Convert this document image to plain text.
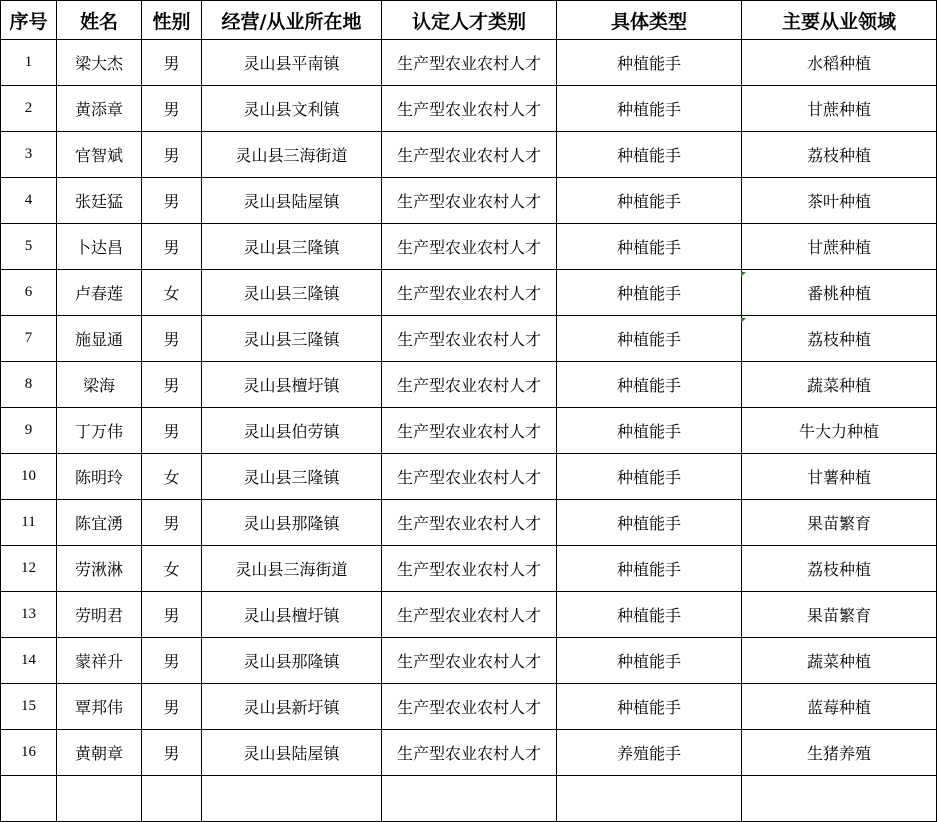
序号	姓名	性别	经营/从业所在地	认定人才类别	具体类型	主要从业领域
1	梁大杰	男	灵山县平南镇	生产型农业农村人才	种植能手	水稻种植
2	黄添章	男	灵山县文利镇	生产型农业农村人才	种植能手	甘蔗种植
3	官智斌	男	灵山县三海街道	生产型农业农村人才	种植能手	荔枝种植
4	张廷猛	男	灵山县陆屋镇	生产型农业农村人才	种植能手	茶叶种植
5	卜达昌	男	灵山县三隆镇	生产型农业农村人才	种植能手	甘蔗种植
6	卢春莲	女	灵山县三隆镇	生产型农业农村人才	种植能手	番桃种植
7	施显通	男	灵山县三隆镇	生产型农业农村人才	种植能手	荔枝种植
8	梁海	男	灵山县檀圩镇	生产型农业农村人才	种植能手	蔬菜种植
9	丁万伟	男	灵山县伯劳镇	生产型农业农村人才	种植能手	牛大力种植
10	陈明玲	女	灵山县三隆镇	生产型农业农村人才	种植能手	甘薯种植
11	陈宜湧	男	灵山县那隆镇	生产型农业农村人才	种植能手	果苗繁育
12	劳湫淋	女	灵山县三海街道	生产型农业农村人才	种植能手	荔枝种植
13	劳明君	男	灵山县檀圩镇	生产型农业农村人才	种植能手	果苗繁育
14	蒙祥升	男	灵山县那隆镇	生产型农业农村人才	种植能手	蔬菜种植
15	覃邦伟	男	灵山县新圩镇	生产型农业农村人才	种植能手	蓝莓种植
16	黄朝章	男	灵山县陆屋镇	生产型农业农村人才	养殖能手	生猪养殖
